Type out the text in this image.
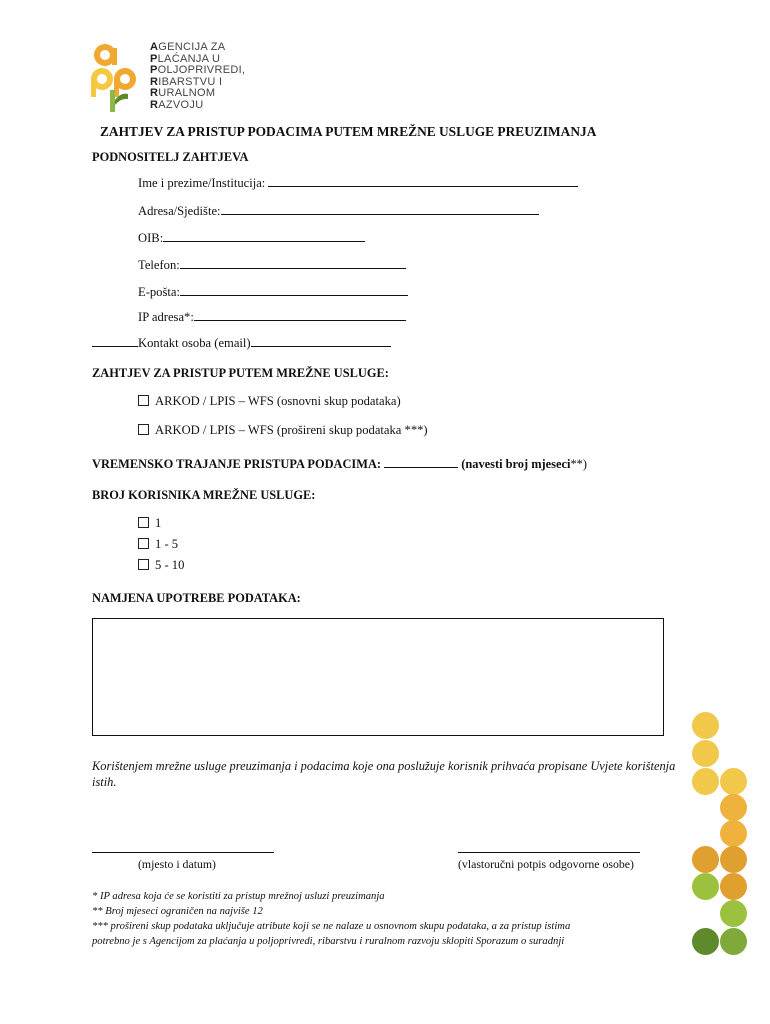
AGENCIJA ZA
PLAĆANJA U
POLJOPRIVREDI,
RIBARSTVU I
RURALNOM
RAZVOJU
ZAHTJEV ZA PRISTUP PODACIMA PUTEM MREŽNE USLUGE PREUZIMANJA
PODNOSITELJ ZAHTJEVA
Ime i prezime/Institucija:
Adresa/Sjedište:
OIB:
Telefon:
E-pošta:
IP adresa*:
Kontakt osoba (email)
ZAHTJEV ZA PRISTUP PUTEM MREŽNE USLUGE:
ARKOD / LPIS – WFS (osnovni skup podataka)
ARKOD / LPIS – WFS (prošireni skup podataka ***)
VREMENSKO TRAJANJE PRISTUPA PODACIMA:	(navesti broj mjeseci**)
BROJ KORISNIKA MREŽNE USLUGE:
1
1 - 5
5 - 10
NAMJENA UPOTREBE PODATAKA:
Korištenjem mrežne usluge preuzimanja i podacima koje ona poslužuje korisnik prihvaća propisane Uvjete korištenja istih.
(mjesto i datum)	(vlastoručni potpis odgovorne osobe)
* IP adresa koja će se koristiti za pristup mrežnoj usluzi preuzimanja
** Broj mjeseci ograničen na najviše 12
*** prošireni skup podataka uključuje atribute koji se ne nalaze u osnovnom skupu podataka, a za pristup istima
potrebno je s Agencijom za plaćanja u poljoprivredi, ribarstvu i ruralnom razvoju sklopiti Sporazum o suradnji
